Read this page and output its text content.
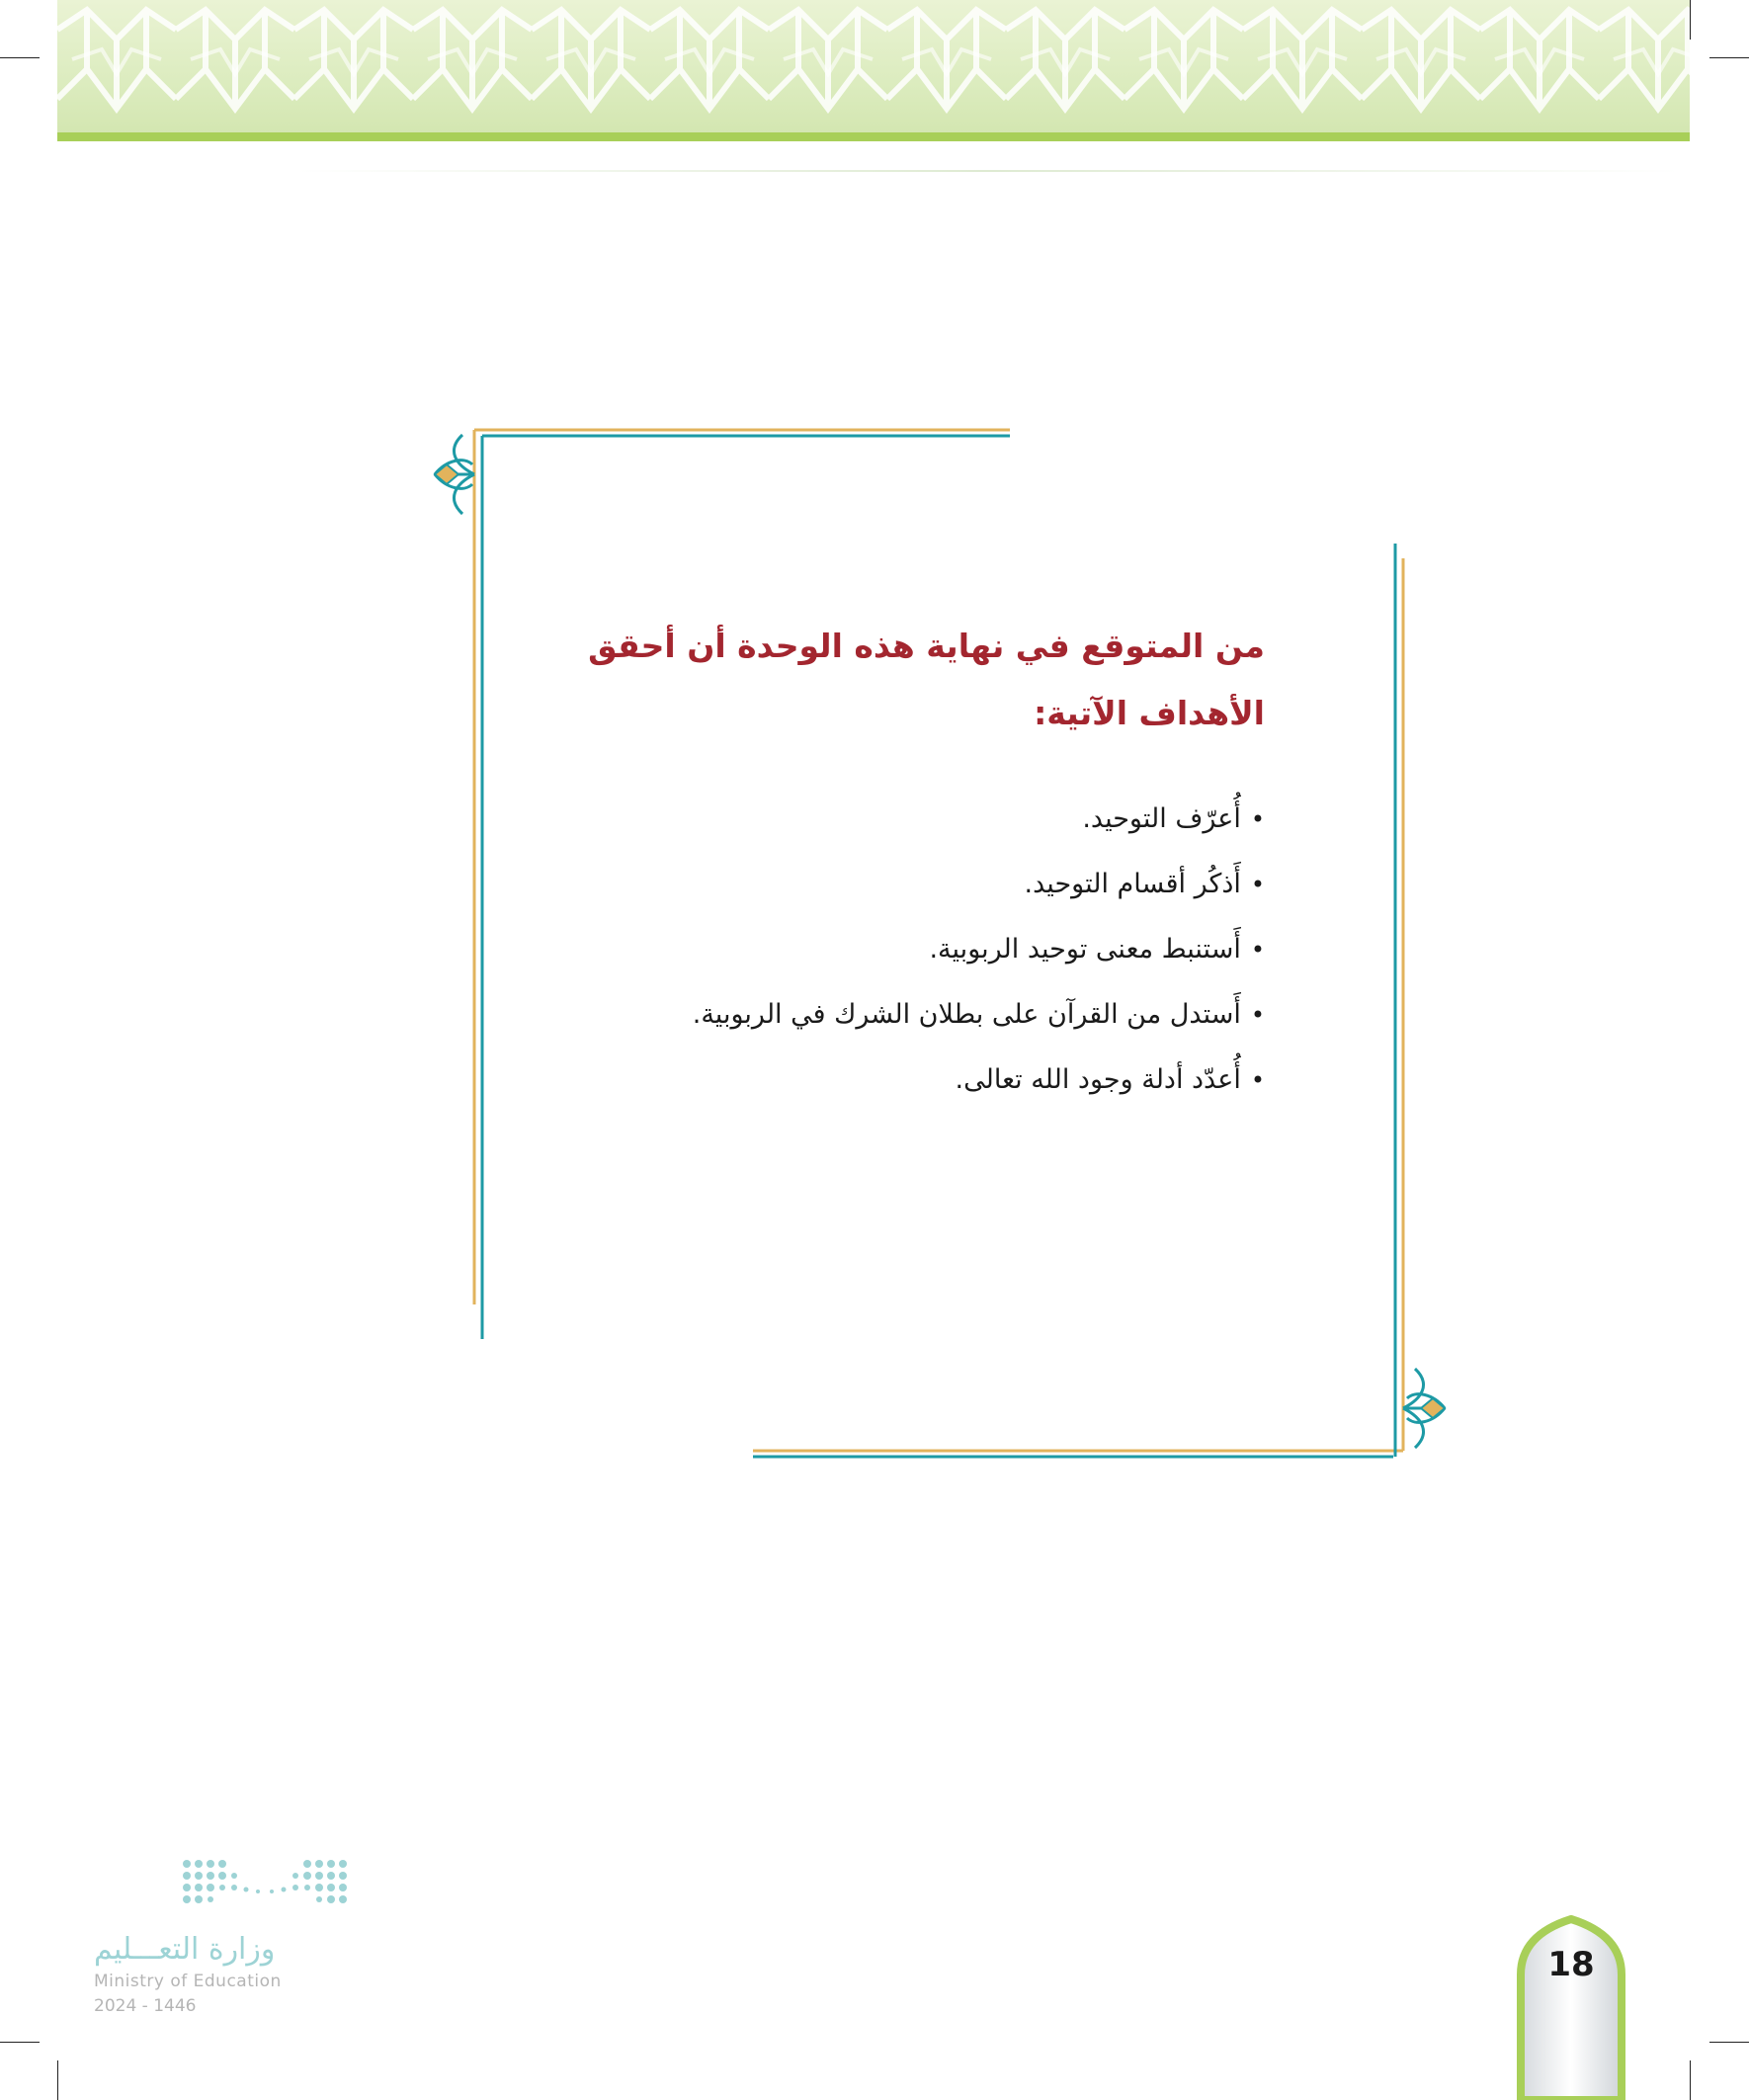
من المتوقع في نهاية هذه الوحدة أن أحقق
الأهداف الآتية:
•أُعرّف التوحيد.
•أَذكُر أقسام التوحيد.
•أَستنبط معنى توحيد الربوبية.
•أَستدل من القرآن على بطلان الشرك في الربوبية.
•أُعدّد أدلة وجود الله تعالى.
وزارة التعـــليم
Ministry of Education
2024 - 1446
18
